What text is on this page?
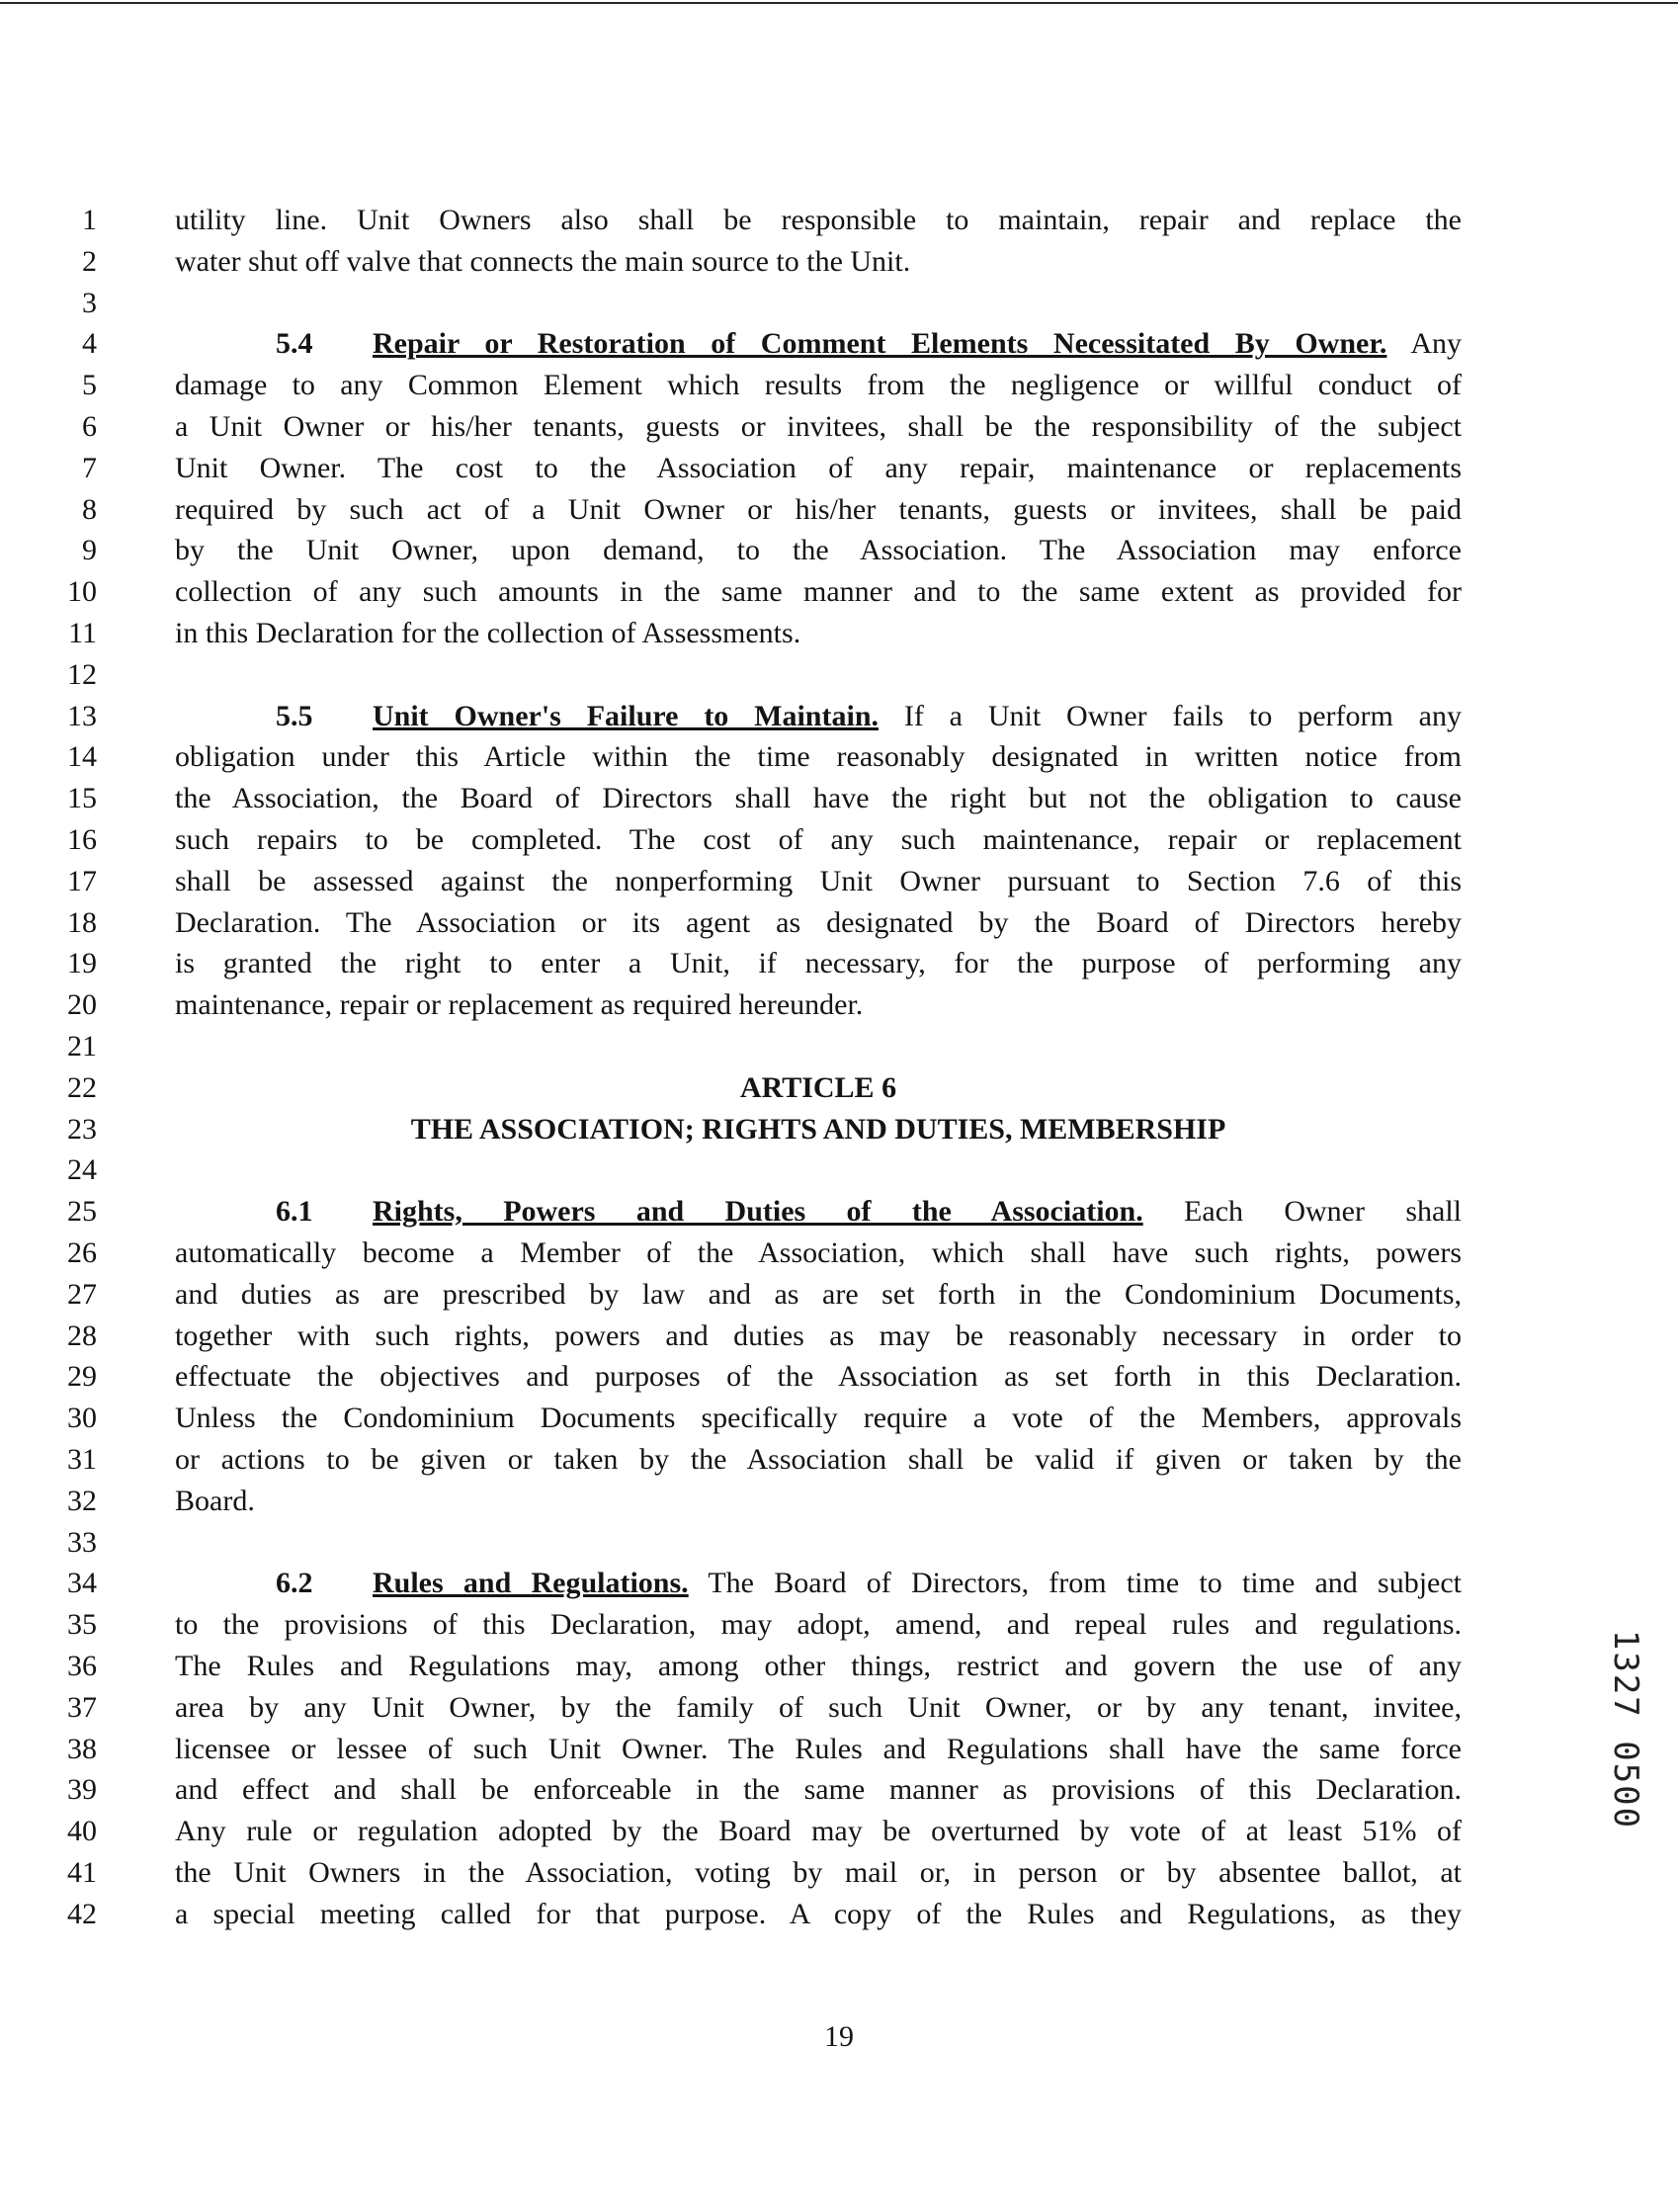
1	utility line. Unit Owners also shall be responsible to maintain, repair and replace the
2	water shut off valve that connects the main source to the Unit.
3
4	5.4 Repair or Restoration of Comment Elements Necessitated By Owner. Any
5	damage to any Common Element which results from the negligence or willful conduct of
6	a Unit Owner or his/her tenants, guests or invitees, shall be the responsibility of the subject
7	Unit Owner. The cost to the Association of any repair, maintenance or replacements
8	required by such act of a Unit Owner or his/her tenants, guests or invitees, shall be paid
9	by the Unit Owner, upon demand, to the Association. The Association may enforce
10	collection of any such amounts in the same manner and to the same extent as provided for
11	in this Declaration for the collection of Assessments.
12
13	5.5 Unit Owner's Failure to Maintain. If a Unit Owner fails to perform any
14	obligation under this Article within the time reasonably designated in written notice from
15	the Association, the Board of Directors shall have the right but not the obligation to cause
16	such repairs to be completed. The cost of any such maintenance, repair or replacement
17	shall be assessed against the nonperforming Unit Owner pursuant to Section 7.6 of this
18	Declaration. The Association or its agent as designated by the Board of Directors hereby
19	is granted the right to enter a Unit, if necessary, for the purpose of performing any
20	maintenance, repair or replacement as required hereunder.
21
22	ARTICLE 6
23	THE ASSOCIATION; RIGHTS AND DUTIES, MEMBERSHIP
24
25	6.1 Rights, Powers and Duties of the Association. Each Owner shall
26	automatically become a Member of the Association, which shall have such rights, powers
27	and duties as are prescribed by law and as are set forth in the Condominium Documents,
28	together with such rights, powers and duties as may be reasonably necessary in order to
29	effectuate the objectives and purposes of the Association as set forth in this Declaration.
30	Unless the Condominium Documents specifically require a vote of the Members, approvals
31	or actions to be given or taken by the Association shall be valid if given or taken by the
32	Board.
33
34	6.2 Rules and Regulations. The Board of Directors, from time to time and subject
35	to the provisions of this Declaration, may adopt, amend, and repeal rules and regulations.
36	The Rules and Regulations may, among other things, restrict and govern the use of any
37	area by any Unit Owner, by the family of such Unit Owner, or by any tenant, invitee,
38	licensee or lessee of such Unit Owner. The Rules and Regulations shall have the same force
39	and effect and shall be enforceable in the same manner as provisions of this Declaration.
40	Any rule or regulation adopted by the Board may be overturned by vote of at least 51% of
41	the Unit Owners in the Association, voting by mail or, in person or by absentee ballot, at
42	a special meeting called for that purpose. A copy of the Rules and Regulations, as they
19
1327 0500
